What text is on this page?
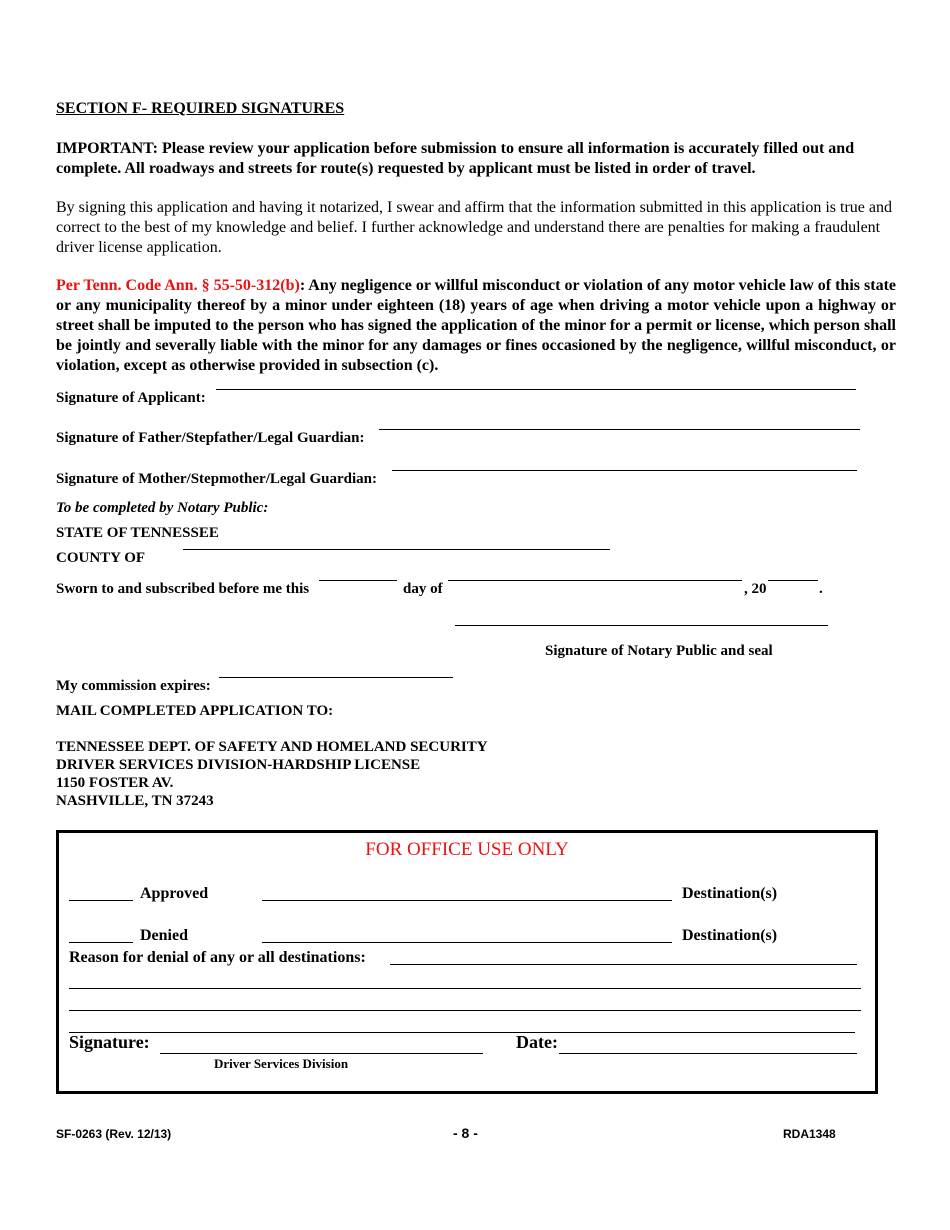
SECTION F- REQUIRED SIGNATURES
IMPORTANT: Please review your application before submission to ensure all information is accurately filled out and complete. All roadways and streets for route(s) requested by applicant must be listed in order of travel.
By signing this application and having it notarized, I swear and affirm that the information submitted in this application is true and correct to the best of my knowledge and belief. I further acknowledge and understand there are penalties for making a fraudulent driver license application.
Per Tenn. Code Ann. § 55-50-312(b): Any negligence or willful misconduct or violation of any motor vehicle law of this state or any municipality thereof by a minor under eighteen (18) years of age when driving a motor vehicle upon a highway or street shall be imputed to the person who has signed the application of the minor for a permit or license, which person shall be jointly and severally liable with the minor for any damages or fines occasioned by the negligence, willful misconduct, or violation, except as otherwise provided in subsection (c).
Signature of Applicant:
Signature of Father/Stepfather/Legal Guardian:
Signature of Mother/Stepmother/Legal Guardian:
To be completed by Notary Public:
STATE OF TENNESSEE
COUNTY OF
Sworn to and subscribed before me this	day of	, 20	.
Signature of Notary Public and seal
My commission expires:
MAIL COMPLETED APPLICATION TO:
TENNESSEE DEPT. OF SAFETY AND HOMELAND SECURITY
DRIVER SERVICES DIVISION-HARDSHIP LICENSE
1150 FOSTER AV.
NASHVILLE, TN 37243
FOR OFFICE USE ONLY
Approved	Destination(s)
Denied	Destination(s)
Reason for denial of any or all destinations:
Signature:	Date:
Driver Services Division
SF-0263 (Rev. 12/13)	- 8 -	RDA1348
